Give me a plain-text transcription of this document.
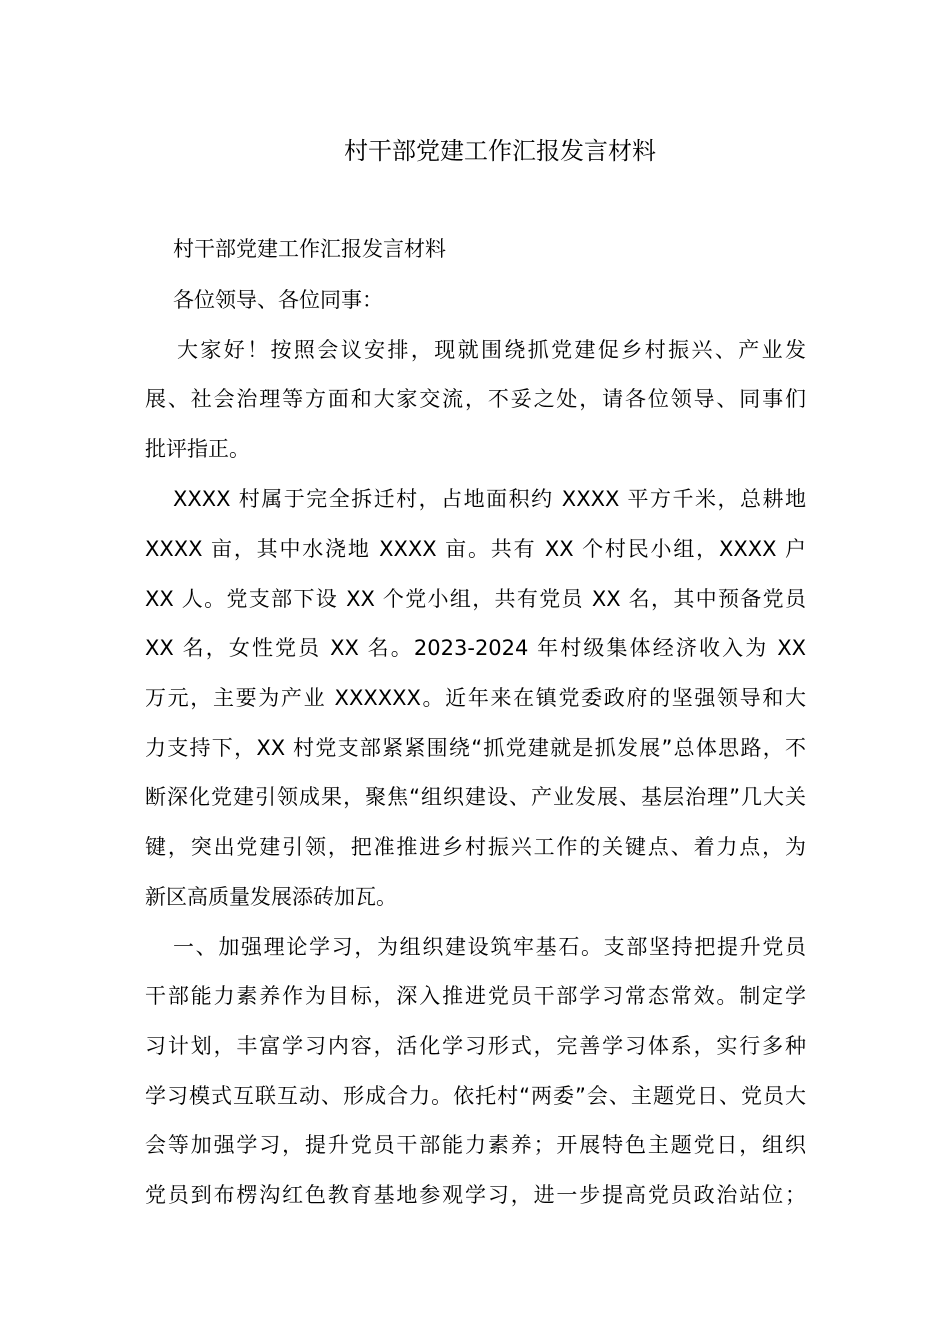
村干部党建工作汇报发言材料

村干部党建工作汇报发言材料

各位领导、各位同事：

大家好！按照会议安排，现就围绕抓党建促乡村振兴、产业发

展、社会治理等方面和大家交流，不妥之处，请各位领导、同事们

批评指正。

XXXX 村属于完全拆迁村，占地面积约 XXXX 平方千米，总耕地

XXXX 亩，其中水浇地 XXXX 亩。共有 XX 个村民小组，XXXX 户

XX 人。党支部下设 XX 个党小组，共有党员 XX 名，其中预备党员

XX 名，女性党员 XX 名。2023-2024 年村级集体经济收入为 XX

万元，主要为产业 XXXXXX。近年来在镇党委政府的坚强领导和大

力支持下，XX 村党支部紧紧围绕“抓党建就是抓发展”总体思路，不

断深化党建引领成果，聚焦“组织建设、产业发展、基层治理”几大关

键，突出党建引领，把准推进乡村振兴工作的关键点、着力点，为

新区高质量发展添砖加瓦。

一、加强理论学习，为组织建设筑牢基石。支部坚持把提升党员

干部能力素养作为目标，深入推进党员干部学习常态常效。制定学

习计划，丰富学习内容，活化学习形式，完善学习体系，实行多种

学习模式互联互动、形成合力。依托村“两委”会、主题党日、党员大

会等加强学习，提升党员干部能力素养；开展特色主题党日，组织

党员到布楞沟红色教育基地参观学习，进一步提高党员政治站位；
